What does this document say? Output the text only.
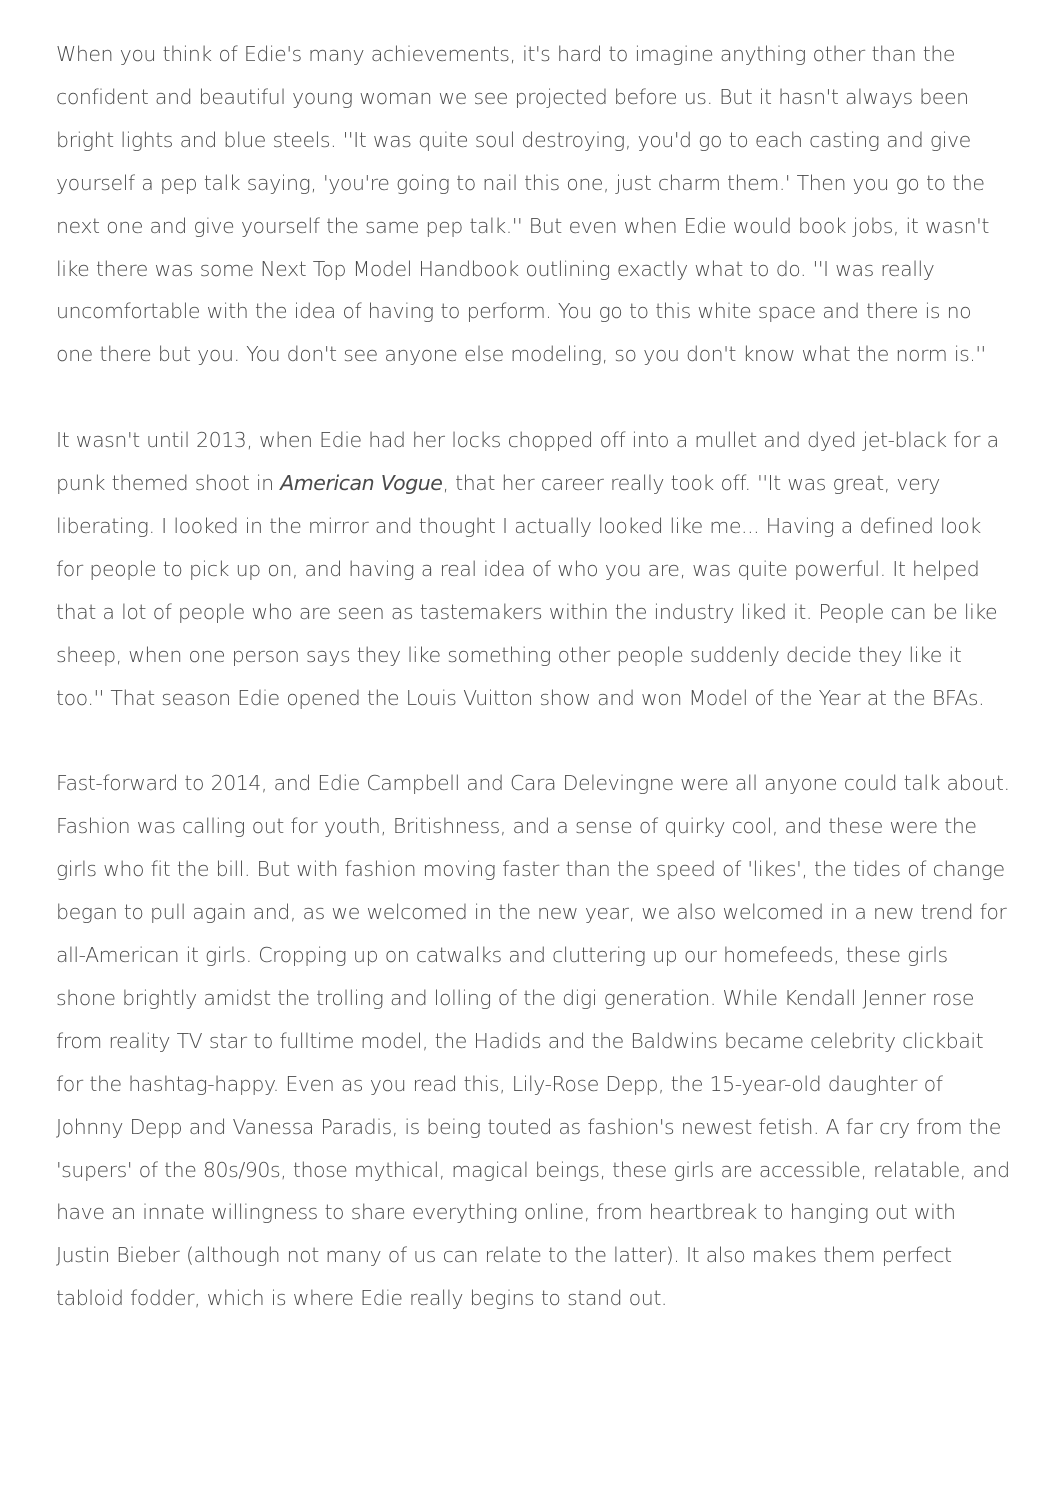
When you think of Edie's many achievements, it's hard to imagine anything other than the confident and beautiful young woman we see projected before us. But it hasn't always been bright lights and blue steels. ''It was quite soul destroying, you'd go to each casting and give yourself a pep talk saying, 'you're going to nail this one, just charm them.' Then you go to the next one and give yourself the same pep talk.'' But even when Edie would book jobs, it wasn't like there was some Next Top Model Handbook outlining exactly what to do. ''I was really uncomfortable with the idea of having to perform. You go to this white space and there is no one there but you. You don't see anyone else modeling, so you don't know what the norm is.''

It wasn't until 2013, when Edie had her locks chopped off into a mullet and dyed jet-black for a punk themed shoot in American Vogue, that her career really took off. ''It was great, very liberating. I looked in the mirror and thought I actually looked like me... Having a defined look for people to pick up on, and having a real idea of who you are, was quite powerful. It helped that a lot of people who are seen as tastemakers within the industry liked it. People can be like sheep, when one person says they like something other people suddenly decide they like it too.'' That season Edie opened the Louis Vuitton show and won Model of the Year at the BFAs.

Fast-forward to 2014, and Edie Campbell and Cara Delevingne were all anyone could talk about. Fashion was calling out for youth, Britishness, and a sense of quirky cool, and these were the girls who fit the bill. But with fashion moving faster than the speed of 'likes', the tides of change began to pull again and, as we welcomed in the new year, we also welcomed in a new trend for all-American it girls. Cropping up on catwalks and cluttering up our homefeeds, these girls shone brightly amidst the trolling and lolling of the digi generation. While Kendall Jenner rose from reality TV star to fulltime model, the Hadids and the Baldwins became celebrity clickbait for the hashtag-happy. Even as you read this, Lily-Rose Depp, the 15-year-old daughter of Johnny Depp and Vanessa Paradis, is being touted as fashion's newest fetish. A far cry from the 'supers' of the 80s/90s, those mythical, magical beings, these girls are accessible, relatable, and have an innate willingness to share everything online, from heartbreak to hanging out with Justin Bieber (although not many of us can relate to the latter). It also makes them perfect tabloid fodder, which is where Edie really begins to stand out.
